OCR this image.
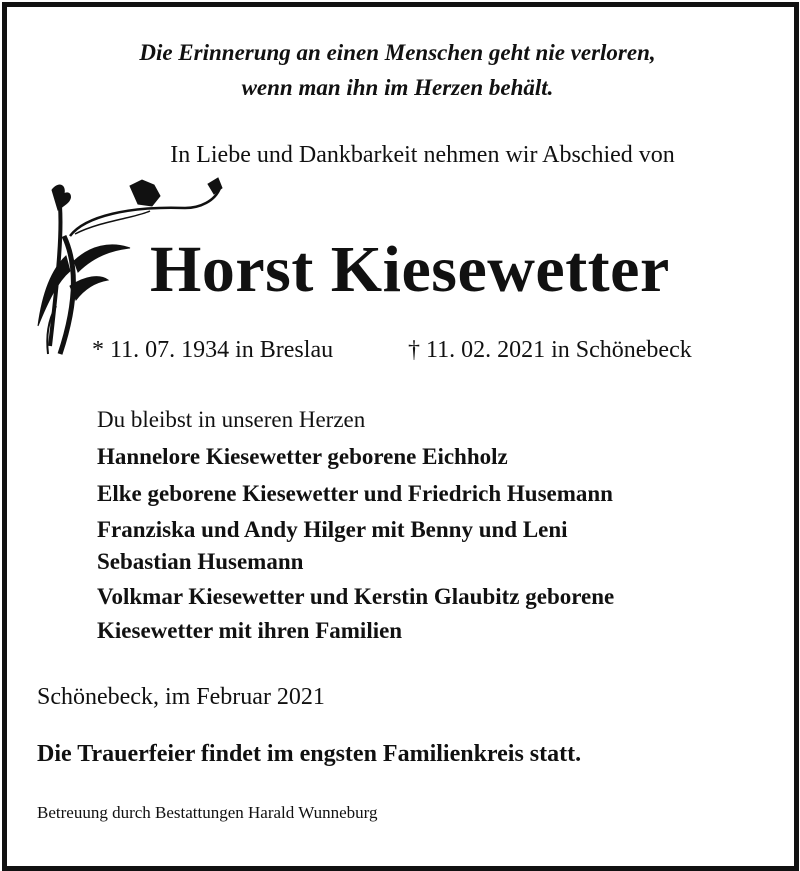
Die Erinnerung an einen Menschen geht nie verloren,
wenn man ihn im Herzen behält.
In Liebe und Dankbarkeit nehmen wir Abschied von
Horst Kiesewetter
* 11. 07. 1934 in Breslau	† 11. 02. 2021 in Schönebeck
Du bleibst in unseren Herzen
Hannelore Kiesewetter geborene Eichholz
Elke geborene Kiesewetter und Friedrich Husemann
Franziska und Andy Hilger mit Benny und Leni
Sebastian Husemann
Volkmar Kiesewetter und Kerstin Glaubitz geborene
Kiesewetter mit ihren Familien
Schönebeck, im Februar 2021
Die Trauerfeier findet im engsten Familienkreis statt.
Betreuung durch Bestattungen Harald Wunneburg
